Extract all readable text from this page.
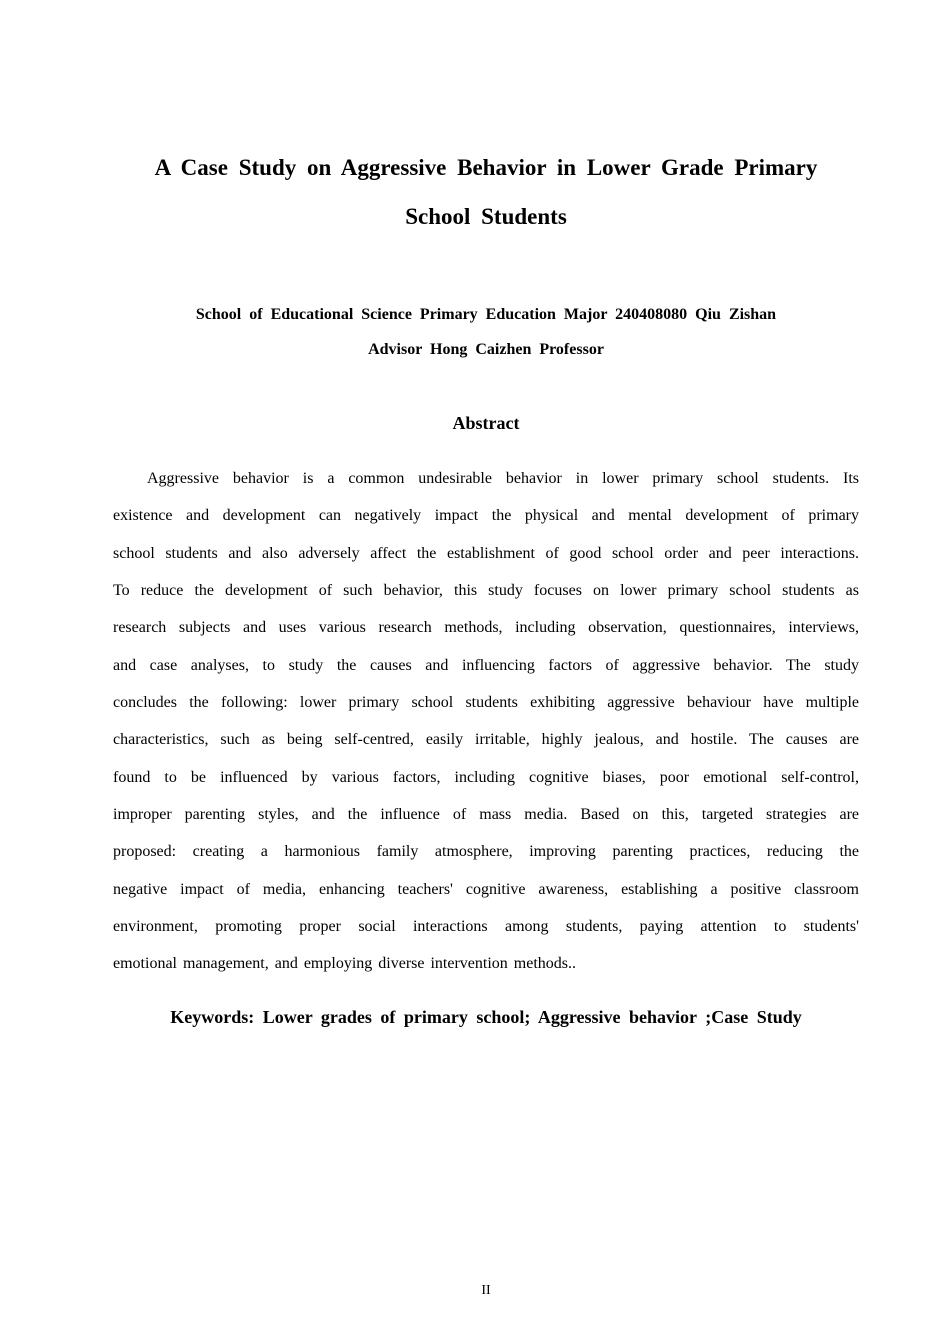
A Case Study on Aggressive Behavior in Lower Grade Primary
School Students
School of Educational Science Primary Education Major 240408080 Qiu Zishan
Advisor Hong Caizhen Professor
Abstract
Aggressive behavior is a common undesirable behavior in lower primary school students. Its
existence and development can negatively impact the physical and mental development of primary
school students and also adversely affect the establishment of good school order and peer interactions.
To reduce the development of such behavior, this study focuses on lower primary school students as
research subjects and uses various research methods, including observation, questionnaires, interviews,
and case analyses, to study the causes and influencing factors of aggressive behavior. The study
concludes the following: lower primary school students exhibiting aggressive behaviour have multiple
characteristics, such as being self-centred, easily irritable, highly jealous, and hostile. The causes are
found to be influenced by various factors, including cognitive biases, poor emotional self-control,
improper parenting styles, and the influence of mass media. Based on this, targeted strategies are
proposed: creating a harmonious family atmosphere, improving parenting practices, reducing the
negative impact of media, enhancing teachers' cognitive awareness, establishing a positive classroom
environment, promoting proper social interactions among students, paying attention to students'
emotional management, and employing diverse intervention methods..
Keywords: Lower grades of primary school; Aggressive behavior ;Case Study
II
